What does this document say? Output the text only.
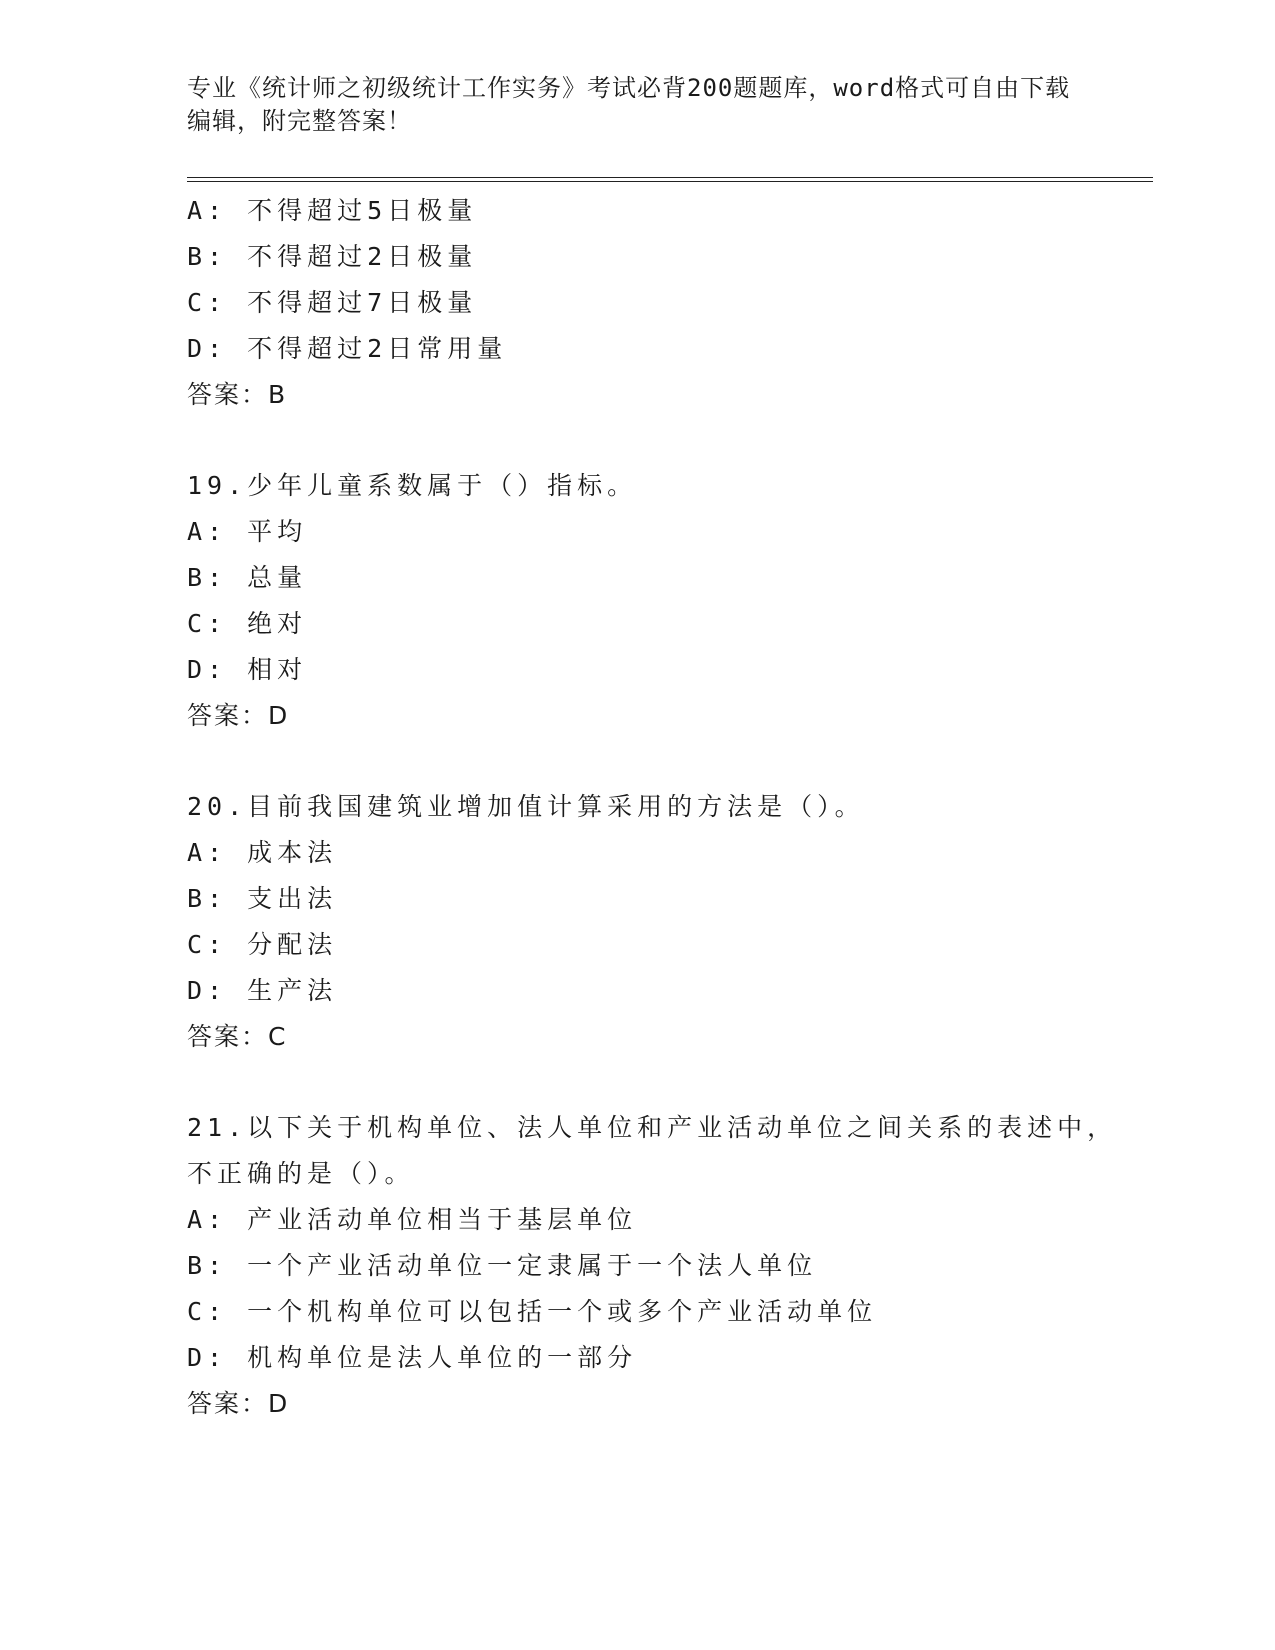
专业《统计师之初级统计工作实务》考试必背200题题库，word格式可自由下载
编辑，附完整答案！
A: 不得超过5日极量
B: 不得超过2日极量
C: 不得超过7日极量
D: 不得超过2日常用量
答案：B
19.少年儿童系数属于（）指标。
A: 平均
B: 总量
C: 绝对
D: 相对
答案：D
20.目前我国建筑业增加值计算采用的方法是（）。
A: 成本法
B: 支出法
C: 分配法
D: 生产法
答案：C
21.以下关于机构单位、法人单位和产业活动单位之间关系的表述中，
不正确的是（）。
A: 产业活动单位相当于基层单位
B: 一个产业活动单位一定隶属于一个法人单位
C: 一个机构单位可以包括一个或多个产业活动单位
D: 机构单位是法人单位的一部分
答案：D
